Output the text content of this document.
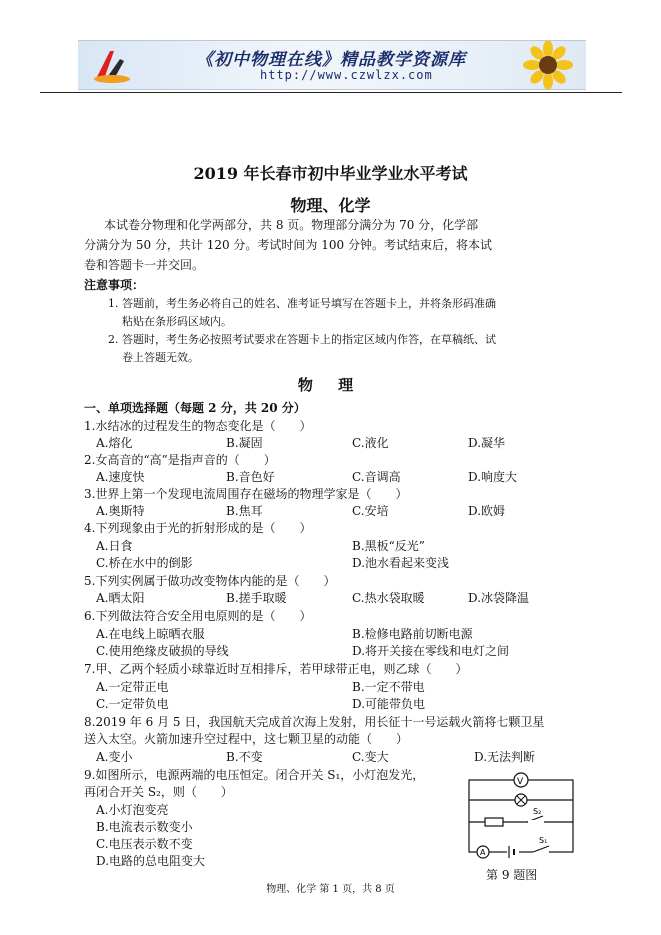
《初中物理在线》精品教学资源库
http://www.czwlzx.com
2019 年长春市初中毕业学业水平考试
物理、化学
本试卷分物理和化学两部分，共 8 页。物理部分满分为 70 分，化学部
分满分为 50 分，共计 120 分。考试时间为 100 分钟。考试结束后，将本试
卷和答题卡一并交回。
注意事项：
1. 答题前，考生务必将自己的姓名、准考证号填写在答题卡上，并将条形码准确
粘贴在条形码区域内。
2. 答题时，考生务必按照考试要求在答题卡上的指定区域内作答，在草稿纸、试
卷上答题无效。
物 理
一、单项选择题（每题 2 分，共 20 分）
1.水结冰的过程发生的物态变化是（　　）
A.熔化	B.凝固	C.液化	D.凝华
2.女高音的“高”是指声音的（　　）
A.速度快	B.音色好	C.音调高	D.响度大
3.世界上第一个发现电流周围存在磁场的物理学家是（　　）
A.奥斯特	B.焦耳	C.安培	D.欧姆
4.下列现象由于光的折射形成的是（　　）
A.日食	B.黑板“反光”
C.桥在水中的倒影	D.池水看起来变浅
5.下列实例属于做功改变物体内能的是（　　）
A.晒太阳	B.搓手取暖	C.热水袋取暖	D.冰袋降温
6.下列做法符合安全用电原则的是（　　）
A.在电线上晾晒衣服	B.检修电路前切断电源
C.使用绝缘皮破损的导线	D.将开关接在零线和电灯之间
7.甲、乙两个轻质小球靠近时互相排斥，若甲球带正电，则乙球（　　）
A.一定带正电	B.一定不带电
C.一定带负电	D.可能带负电
8.2019 年 6 月 5 日，我国航天完成首次海上发射，用长征十一号运载火箭将七颗卫星
送入太空。火箭加速升空过程中，这七颗卫星的动能（　　）
A.变小	B.不变	C.变大	D.无法判断
9.如图所示，电源两端的电压恒定。闭合开关 S₁，小灯泡发光，
再闭合开关 S₂，则（　　）
A.小灯泡变亮
B.电流表示数变小
C.电压表示数不变
D.电路的总电阻变大
V
S₂
A
S₁
第 9 题图
物理、化学 第 1 页，共 8 页
